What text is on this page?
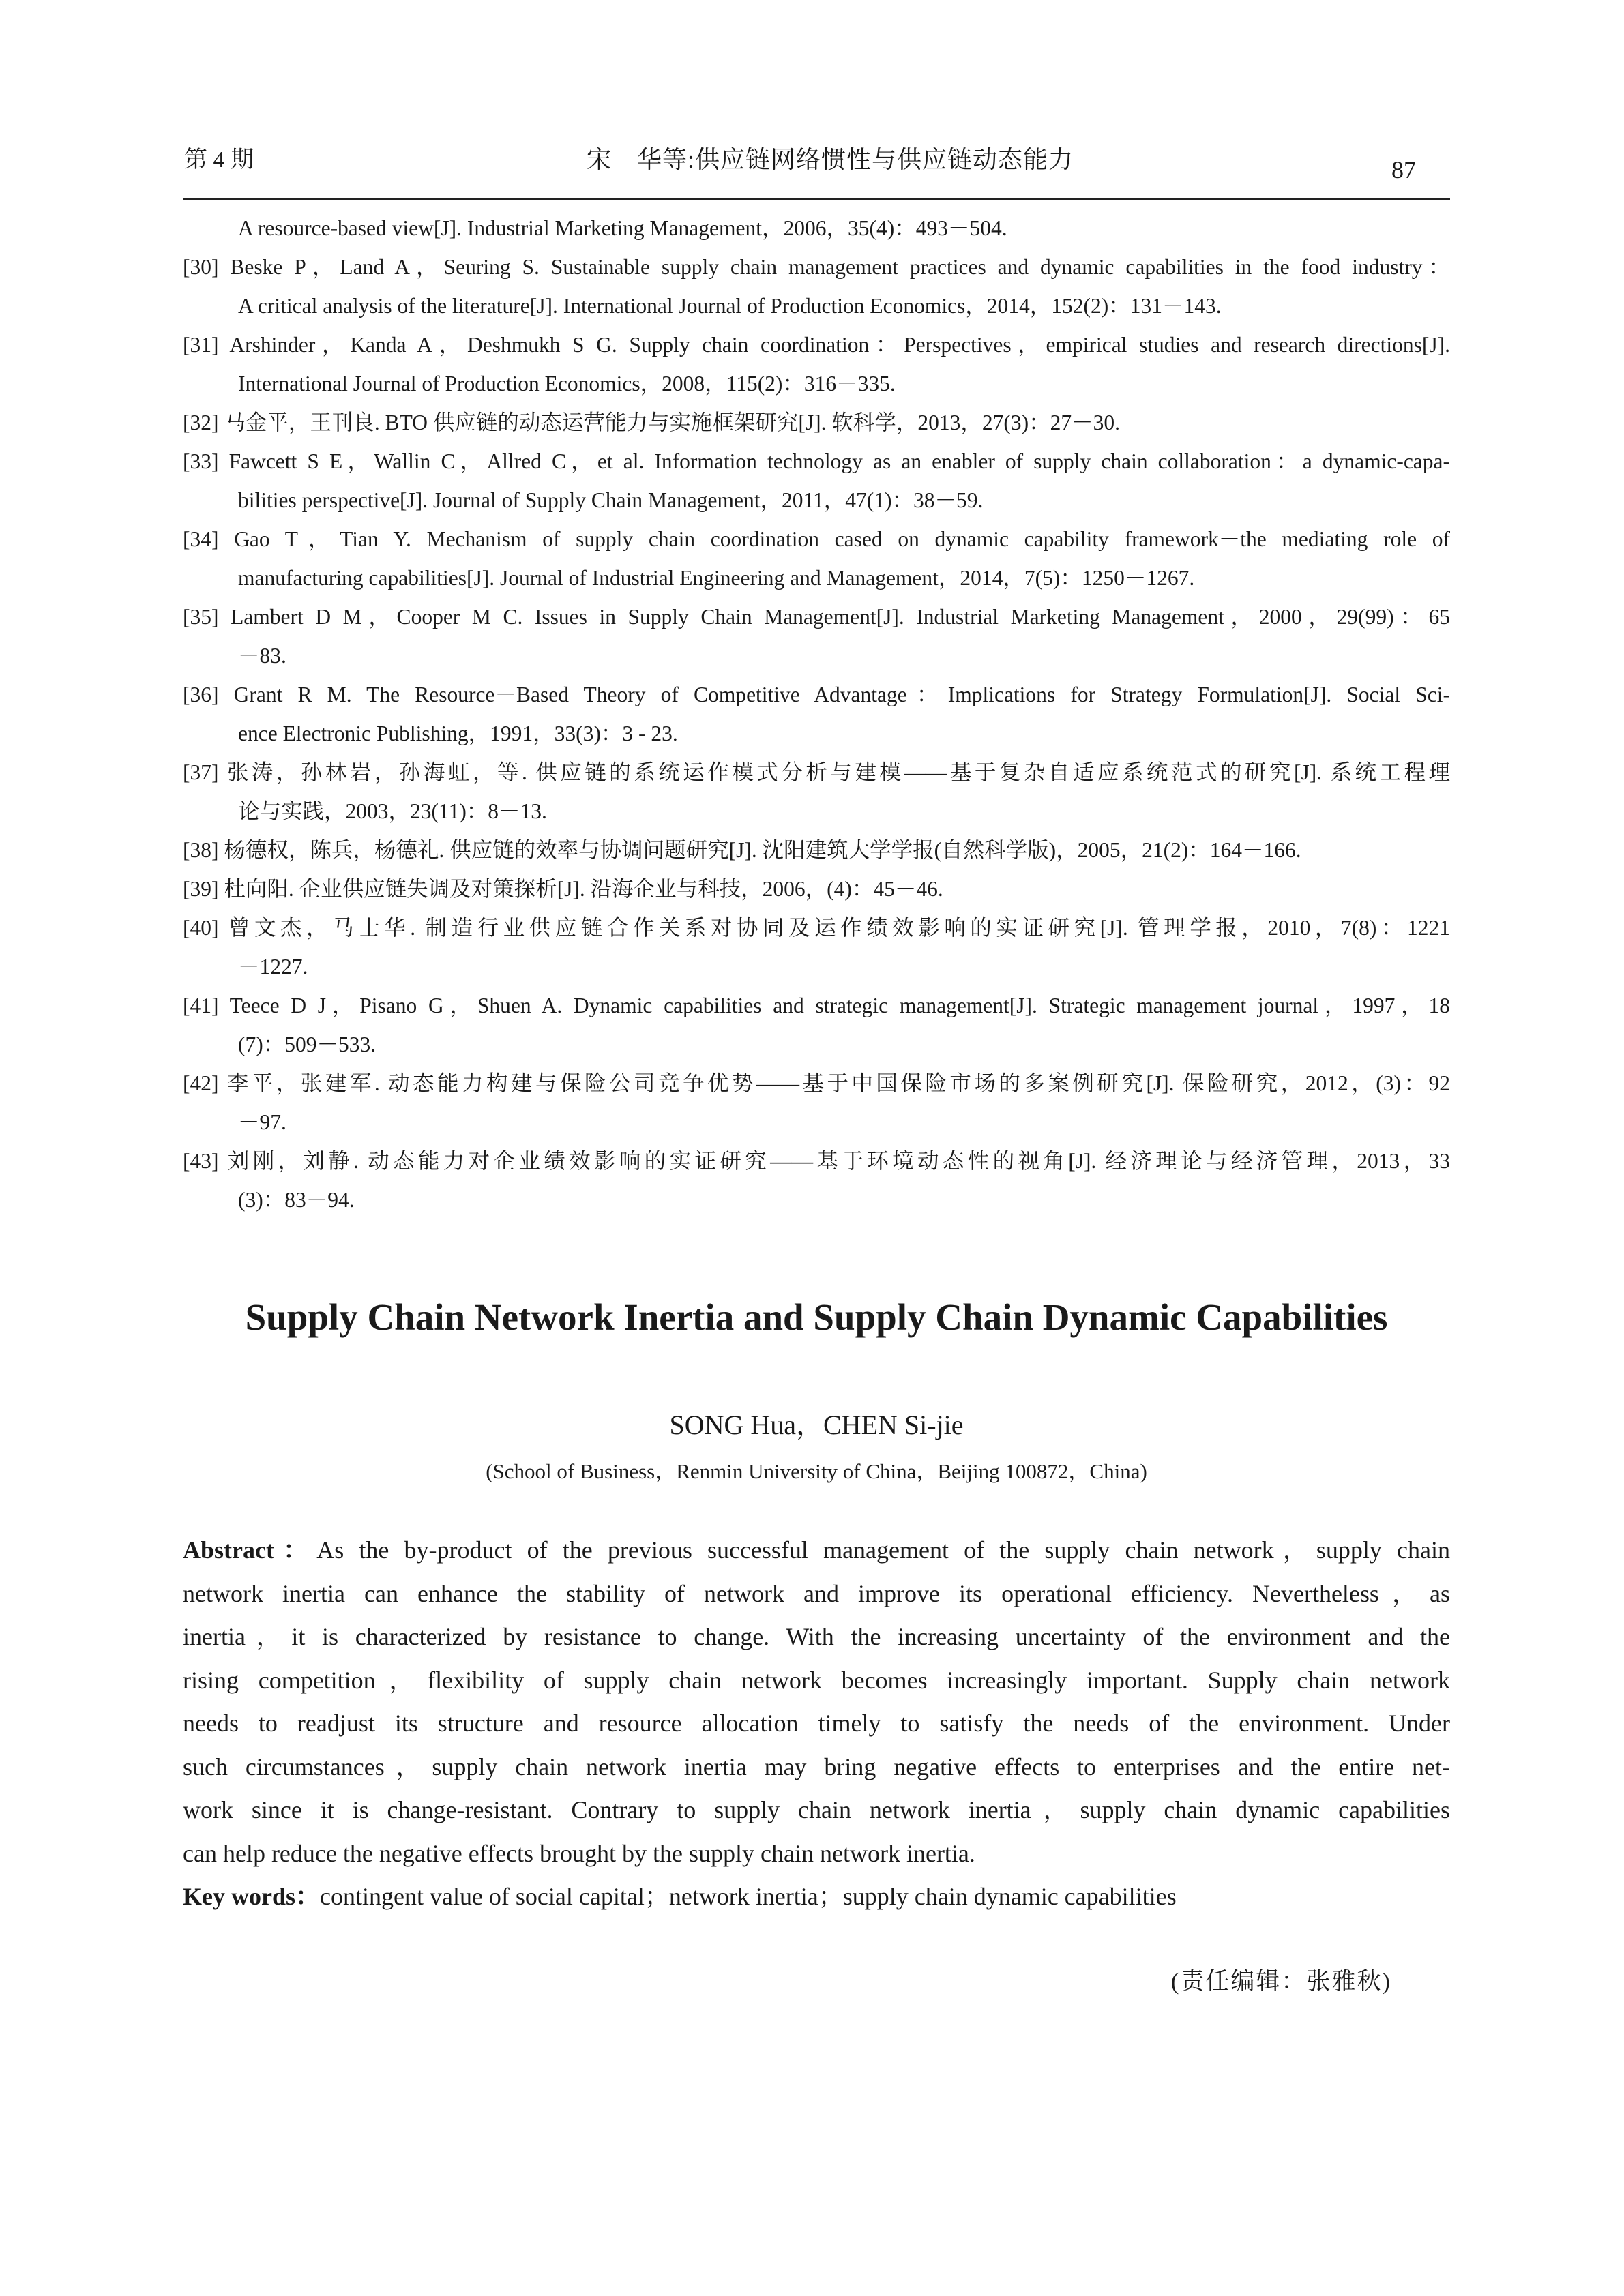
第 4 期	宋　华等:供应链网络惯性与供应链动态能力	87
A resource-based view[J]. Industrial Marketing Management，2006，35(4)：493－504.
[30] Beske P，Land A，Seuring S. Sustainable supply chain management practices and dynamic capabilities in the food industry：
A critical analysis of the literature[J]. International Journal of Production Economics，2014，152(2)：131－143.
[31] Arshinder，Kanda A，Deshmukh S G. Supply chain coordination：Perspectives，empirical studies and research directions[J].
International Journal of Production Economics，2008，115(2)：316－335.
[32] 马金平，王刊良. BTO 供应链的动态运营能力与实施框架研究[J]. 软科学，2013，27(3)：27－30.
[33] Fawcett S E，Wallin C，Allred C，et al. Information technology as an enabler of supply chain collaboration：a dynamic-capa-
bilities perspective[J]. Journal of Supply Chain Management，2011，47(1)：38－59.
[34] Gao T，Tian Y. Mechanism of supply chain coordination cased on dynamic capability framework－the mediating role of
manufacturing capabilities[J]. Journal of Industrial Engineering and Management，2014，7(5)：1250－1267.
[35] Lambert D M，Cooper M C. Issues in Supply Chain Management[J]. Industrial Marketing Management，2000，29(99)：65
－83.
[36] Grant R M. The Resource－Based Theory of Competitive Advantage：Implications for Strategy Formulation[J]. Social Sci-
ence Electronic Publishing，1991，33(3)：3 - 23.
[37] 张涛，孙林岩，孙海虹，等. 供应链的系统运作模式分析与建模——基于复杂自适应系统范式的研究[J]. 系统工程理
论与实践，2003，23(11)：8－13.
[38] 杨德权，陈兵，杨德礼. 供应链的效率与协调问题研究[J]. 沈阳建筑大学学报(自然科学版)，2005，21(2)：164－166.
[39] 杜向阳. 企业供应链失调及对策探析[J]. 沿海企业与科技，2006，(4)：45－46.
[40] 曾文杰，马士华. 制造行业供应链合作关系对协同及运作绩效影响的实证研究[J]. 管理学报，2010，7(8)：1221
－1227.
[41] Teece D J，Pisano G，Shuen A. Dynamic capabilities and strategic management[J]. Strategic management journal，1997，18
(7)：509－533.
[42] 李平，张建军. 动态能力构建与保险公司竞争优势——基于中国保险市场的多案例研究[J]. 保险研究，2012，(3)：92
－97.
[43] 刘刚，刘静. 动态能力对企业绩效影响的实证研究——基于环境动态性的视角[J]. 经济理论与经济管理，2013，33
(3)：83－94.
Supply Chain Network Inertia and Supply Chain Dynamic Capabilities
SONG Hua，CHEN Si-jie
(School of Business，Renmin University of China，Beijing 100872，China)
Abstract：As the by-product of the previous successful management of the supply chain network，supply chain
network inertia can enhance the stability of network and improve its operational efficiency. Nevertheless，as
inertia，it is characterized by resistance to change. With the increasing uncertainty of the environment and the
rising competition，flexibility of supply chain network becomes increasingly important. Supply chain network
needs to readjust its structure and resource allocation timely to satisfy the needs of the environment. Under
such circumstances，supply chain network inertia may bring negative effects to enterprises and the entire net-
work since it is change-resistant. Contrary to supply chain network inertia，supply chain dynamic capabilities
can help reduce the negative effects brought by the supply chain network inertia.
Key words：contingent value of social capital；network inertia；supply chain dynamic capabilities
(责任编辑：张雅秋)
